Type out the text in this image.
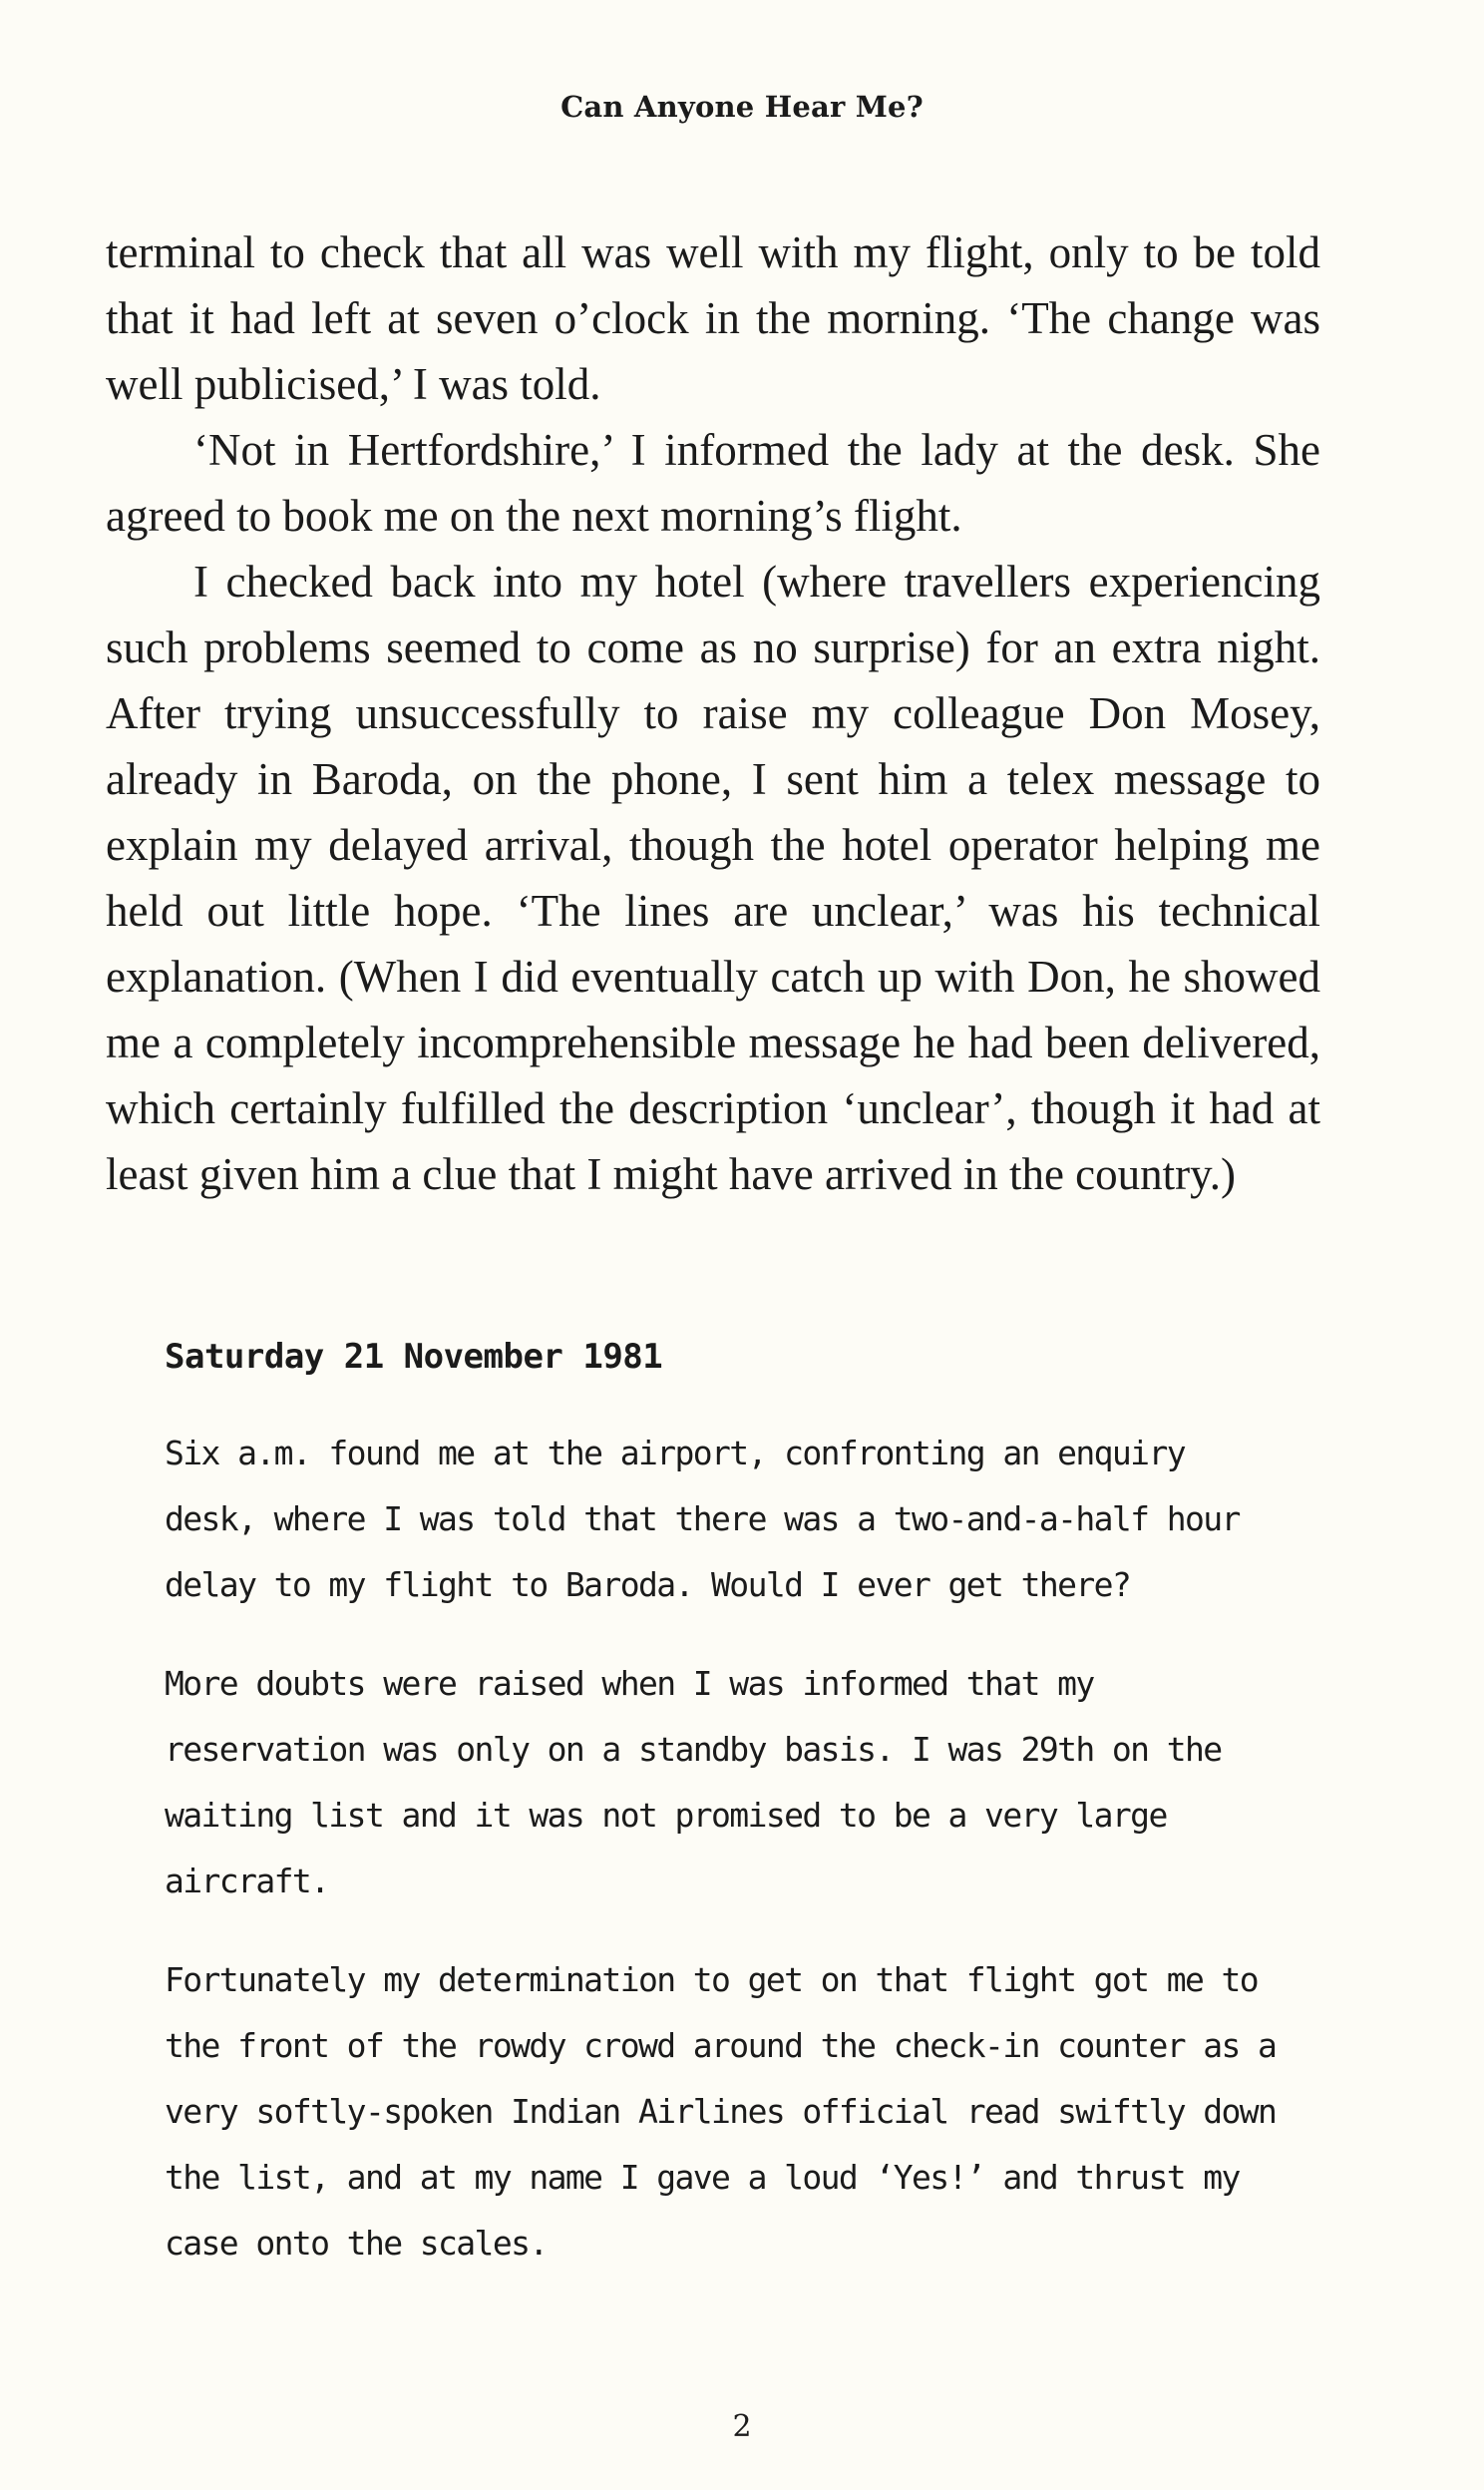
Can Anyone Hear Me?

terminal to check that all was well with my flight, only to be told that it had left at seven o’clock in the morning. ‘The change was well publicised,’ I was told.

‘Not in Hertfordshire,’ I informed the lady at the desk. She agreed to book me on the next morning’s flight.

I checked back into my hotel (where travellers experiencing such problems seemed to come as no surprise) for an extra night. After trying unsuccessfully to raise my colleague Don Mosey, already in Baroda, on the phone, I sent him a telex message to explain my delayed arrival, though the hotel operator helping me held out little hope. ‘The lines are unclear,’ was his technical explanation. (When I did eventually catch up with Don, he showed me a completely incomprehensible message he had been delivered, which certainly fulfilled the description ‘unclear’, though it had at least given him a clue that I might have arrived in the country.)

Saturday 21 November 1981

Six a.m. found me at the airport, confronting an enquiry desk, where I was told that there was a two-and-a-half hour delay to my flight to Baroda. Would I ever get there?

More doubts were raised when I was informed that my reservation was only on a standby basis. I was 29th on the waiting list and it was not promised to be a very large aircraft.

Fortunately my determination to get on that flight got me to the front of the rowdy crowd around the check-in counter as a very softly-spoken Indian Airlines official read swiftly down the list, and at my name I gave a loud ‘Yes!’ and thrust my case onto the scales.

2
